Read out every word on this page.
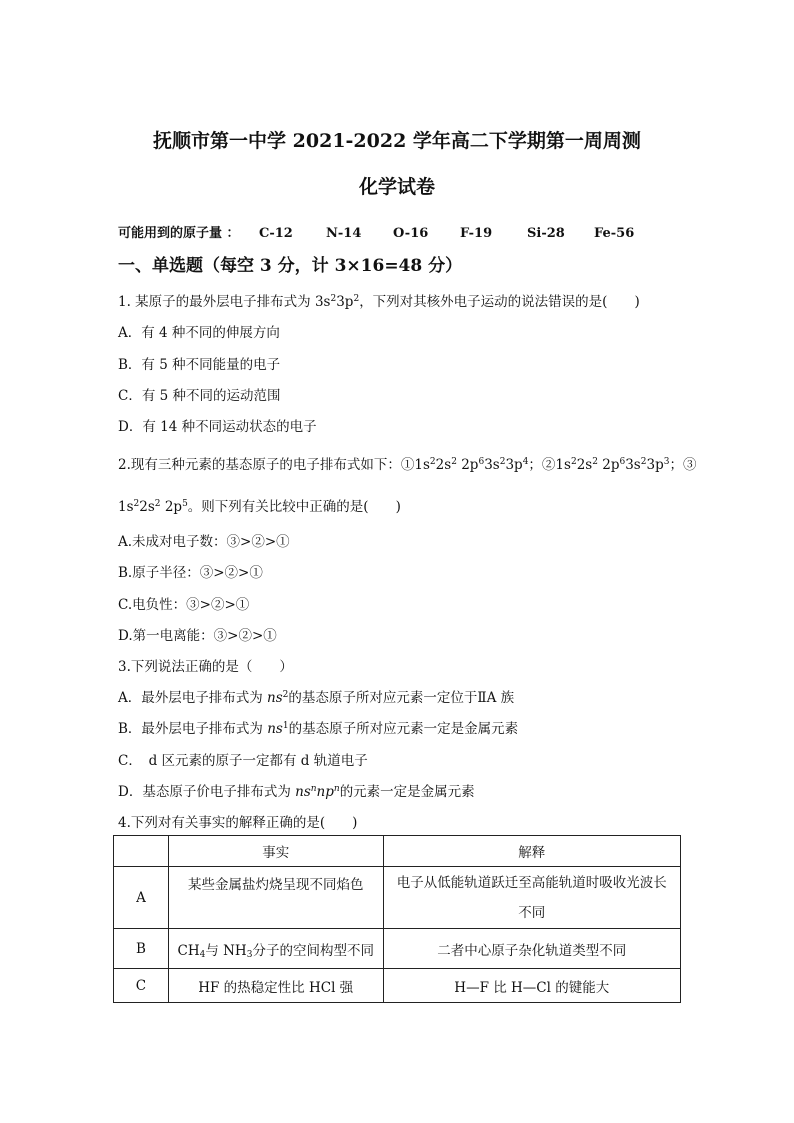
抚顺市第一中学 2021-2022 学年高二下学期第一周周测
化学试卷
可能用到的原子量 ： C-12	N-14 O-16 F-19	Si-28 Fe-56
一、单选题（每空 3 分，计 3×16=48 分）
1. 某原子的最外层电子排布式为 $3s^23p^2$，下列对其核外电子运动的说法错误的是(　　)
A．有 4 种不同的伸展方向
B．有 5 种不同能量的电子
C．有 5 种不同的运动范围
D．有 14 种不同运动状态的电子
2.现有三种元素的基态原子的电子排布式如下：$①1s^22s^2$ $2p^63s^23p^4$；$②1s^22s^2$ $2p^63s^23p^3$；③
$1s^22s^2$ $2p^5$。则下列有关比较中正确的是(　　)
A.未成对电子数：③>②>①
B.原子半径：③>②>①
C.电负性：③>②>①
D.第一电离能：③>②>①
3.下列说法正确的是（　　）
A．最外层电子排布式为 $ns^2$的基态原子所对应元素一定位于ⅡA 族
B．最外层电子排布式为 $ns^1$的基态原子所对应元素一定是金属元素
C．　d 区元素的原子一定都有 d 轨道电子
D．基态原子价电子排布式为 $ns^nnp^n$的元素一定是金属元素
4.下列对有关事实的解释正确的是(　　)
	事实	解释
A	某些金属盐灼烧呈现不同焰色	电子从低能轨道跃迁至高能轨道时吸收光波长
不同

B	$CH_4$与 $NH_3$分子的空间构型不同	二者中心原子杂化轨道类型不同
C	HF 的热稳定性比 HCl 强	H—F 比 H—Cl 的键能大
